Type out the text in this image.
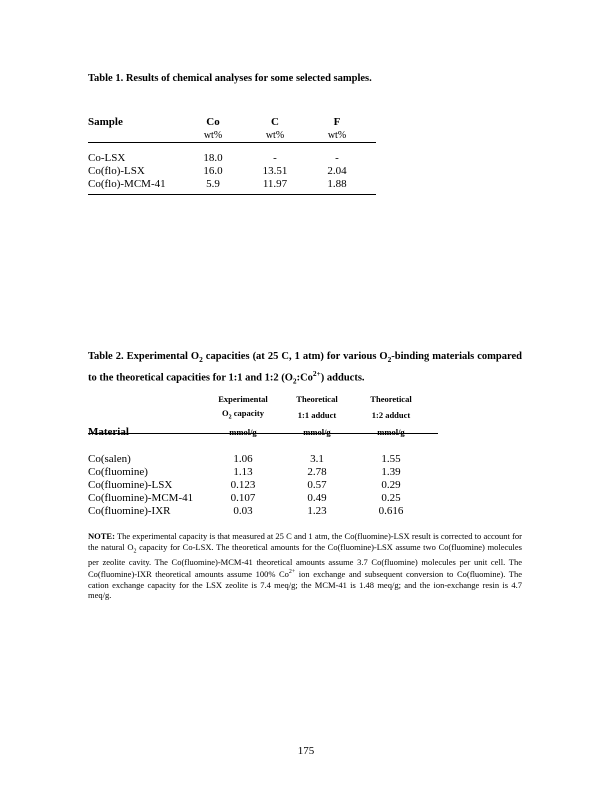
Table 1. Results of chemical analyses for some selected samples.
Sample	Co	C	F
	wt%	wt%	wt%

Co-LSX	18.0	-	-
Co(flo)-LSX	16.0	13.51	2.04
Co(flo)-MCM-41	5.9	11.97	1.88
Table 2. Experimental $O_2$ capacities (at 25 C, 1 atm) for various $O_2$-binding materials compared to the theoretical capacities for 1:1 and 1:2 $(O_2:Co^{2+})$ adducts.
	Experimental	Theoretical	Theoretical
	$O_2$ capacity	1:1 adduct	1:2 adduct
Material	mmol/g	mmol/g	mmol/g

Co(salen)	1.06	3.1	1.55
Co(fluomine)	1.13	2.78	1.39
Co(fluomine)-LSX	0.123	0.57	0.29
Co(fluomine)-MCM-41	0.107	0.49	0.25
Co(fluomine)-IXR	0.03	1.23	0.616
NOTE: The experimental capacity is that measured at 25 C and 1 atm, the Co(fluomine)-LSX result is corrected to account for the natural $O_2$ capacity for Co-LSX. The theoretical amounts for the Co(fluomine)-LSX assume two Co(fluomine) molecules per zeolite cavity. The Co(fluomine)-MCM-41 theoretical amounts assume 3.7 Co(fluomine) molecules per unit cell. The Co(fluomine)-IXR theoretical amounts assume 100% $Co^{2+}$ ion exchange and subsequent conversion to Co(fluomine). The cation exchange capacity for the LSX zeolite is 7.4 meq/g; the MCM-41 is 1.48 meq/g; and the ion-exchange resin is 4.7 meq/g.
175
